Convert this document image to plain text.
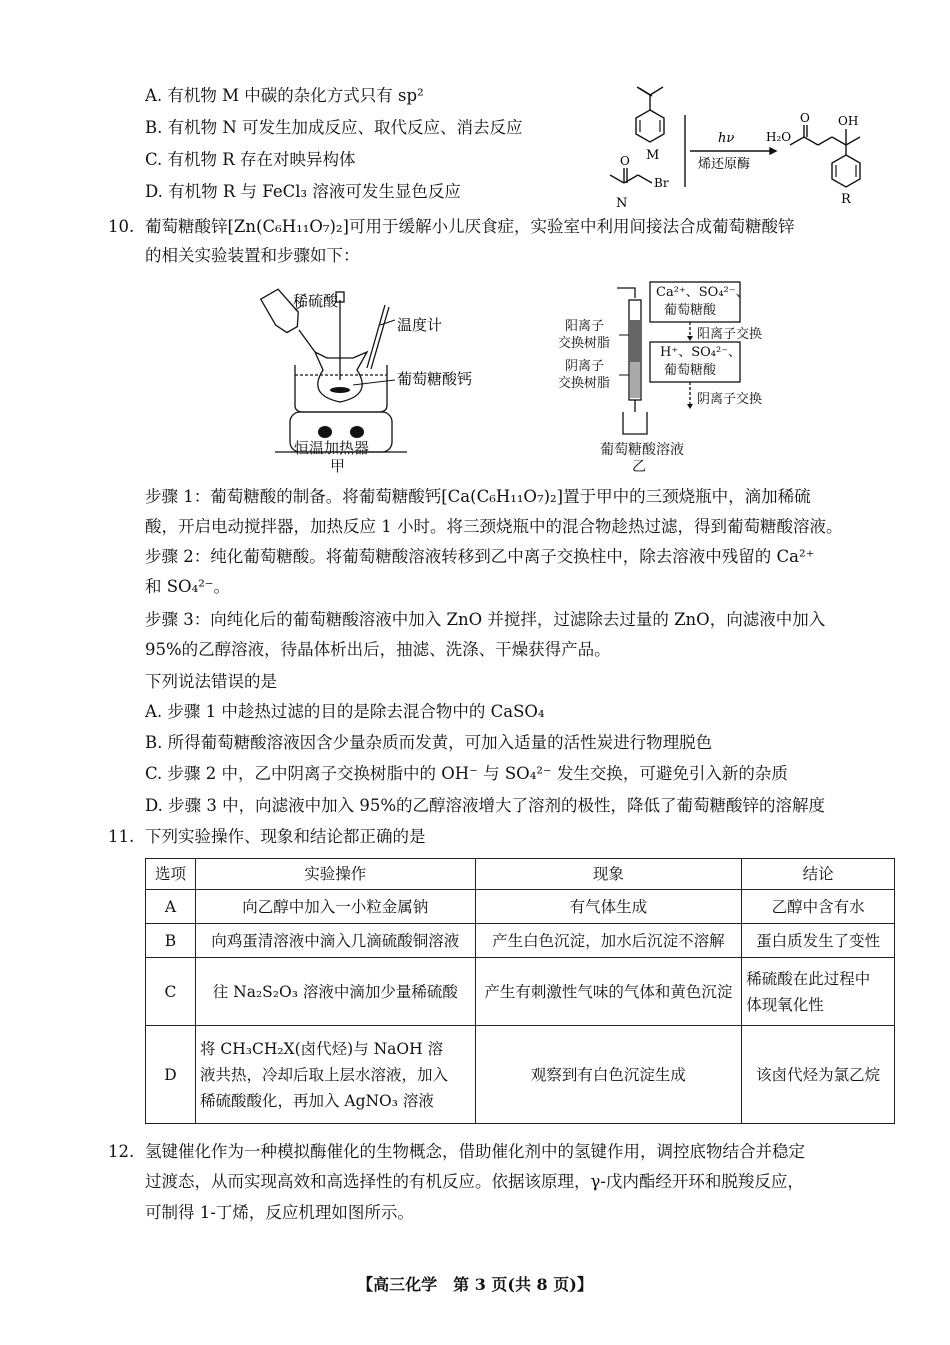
A. 有机物 M 中碳的杂化方式只有 sp²
B. 有机物 N 可发生加成反应、取代反应、消去反应
C. 有机物 R 存在对映异构体
D. 有机物 R 与 FeCl₃ 溶液可发生显色反应
M
O
Br
N
hν
烯还原酶
H₂O
O OH
R
10. 葡萄糖酸锌[Zn(C₆H₁₁O₇)₂]可用于缓解小儿厌食症，实验室中利用间接法合成葡萄糖酸锌
的相关实验装置和步骤如下：
稀硫酸
温度计
葡萄糖酸钙
恒温加热器
甲
阳离子
交换树脂
阴离子
交换树脂
Ca²⁺、SO₄²⁻、
葡萄糖酸
阳离子交换
H⁺、SO₄²⁻、
葡萄糖酸
阴离子交换
葡萄糖酸溶液
乙
步骤 1：葡萄糖酸的制备。将葡萄糖酸钙[Ca(C₆H₁₁O₇)₂]置于甲中的三颈烧瓶中，滴加稀硫
酸，开启电动搅拌器，加热反应 1 小时。将三颈烧瓶中的混合物趁热过滤，得到葡萄糖酸溶液。
步骤 2：纯化葡萄糖酸。将葡萄糖酸溶液转移到乙中离子交换柱中，除去溶液中残留的 Ca²⁺
和 SO₄²⁻。
步骤 3：向纯化后的葡萄糖酸溶液中加入 ZnO 并搅拌，过滤除去过量的 ZnO，向滤液中加入
95%的乙醇溶液，待晶体析出后，抽滤、洗涤、干燥获得产品。
下列说法错误的是
A. 步骤 1 中趁热过滤的目的是除去混合物中的 CaSO₄
B. 所得葡萄糖酸溶液因含少量杂质而发黄，可加入适量的活性炭进行物理脱色
C. 步骤 2 中，乙中阴离子交换树脂中的 OH⁻ 与 SO₄²⁻ 发生交换，可避免引入新的杂质
D. 步骤 3 中，向滤液中加入 95%的乙醇溶液增大了溶剂的极性，降低了葡萄糖酸锌的溶解度
11. 下列实验操作、现象和结论都正确的是
选项	实验操作	现象	结论
A	向乙醇中加入一小粒金属钠	有气体生成	乙醇中含有水
B	向鸡蛋清溶液中滴入几滴硫酸铜溶液	产生白色沉淀，加水后沉淀不溶解	蛋白质发生了变性
C	往 Na₂S₂O₃ 溶液中滴加少量稀硫酸	产生有刺激性气味的气体和黄色沉淀	稀硫酸在此过程中
体现氧化性

D	将 CH₃CH₂X(卤代烃)与 NaOH 溶
液共热，冷却后取上层水溶液，加入
稀硫酸酸化，再加入 AgNO₃ 溶液	观察到有白色沉淀生成	该卤代烃为氯乙烷
12. 氢键催化作为一种模拟酶催化的生物概念，借助催化剂中的氢键作用，调控底物结合并稳定
过渡态，从而实现高效和高选择性的有机反应。依据该原理，γ-戊内酯经开环和脱羧反应，
可制得 1-丁烯，反应机理如图所示。
【高三化学　第 3 页(共 8 页)】
